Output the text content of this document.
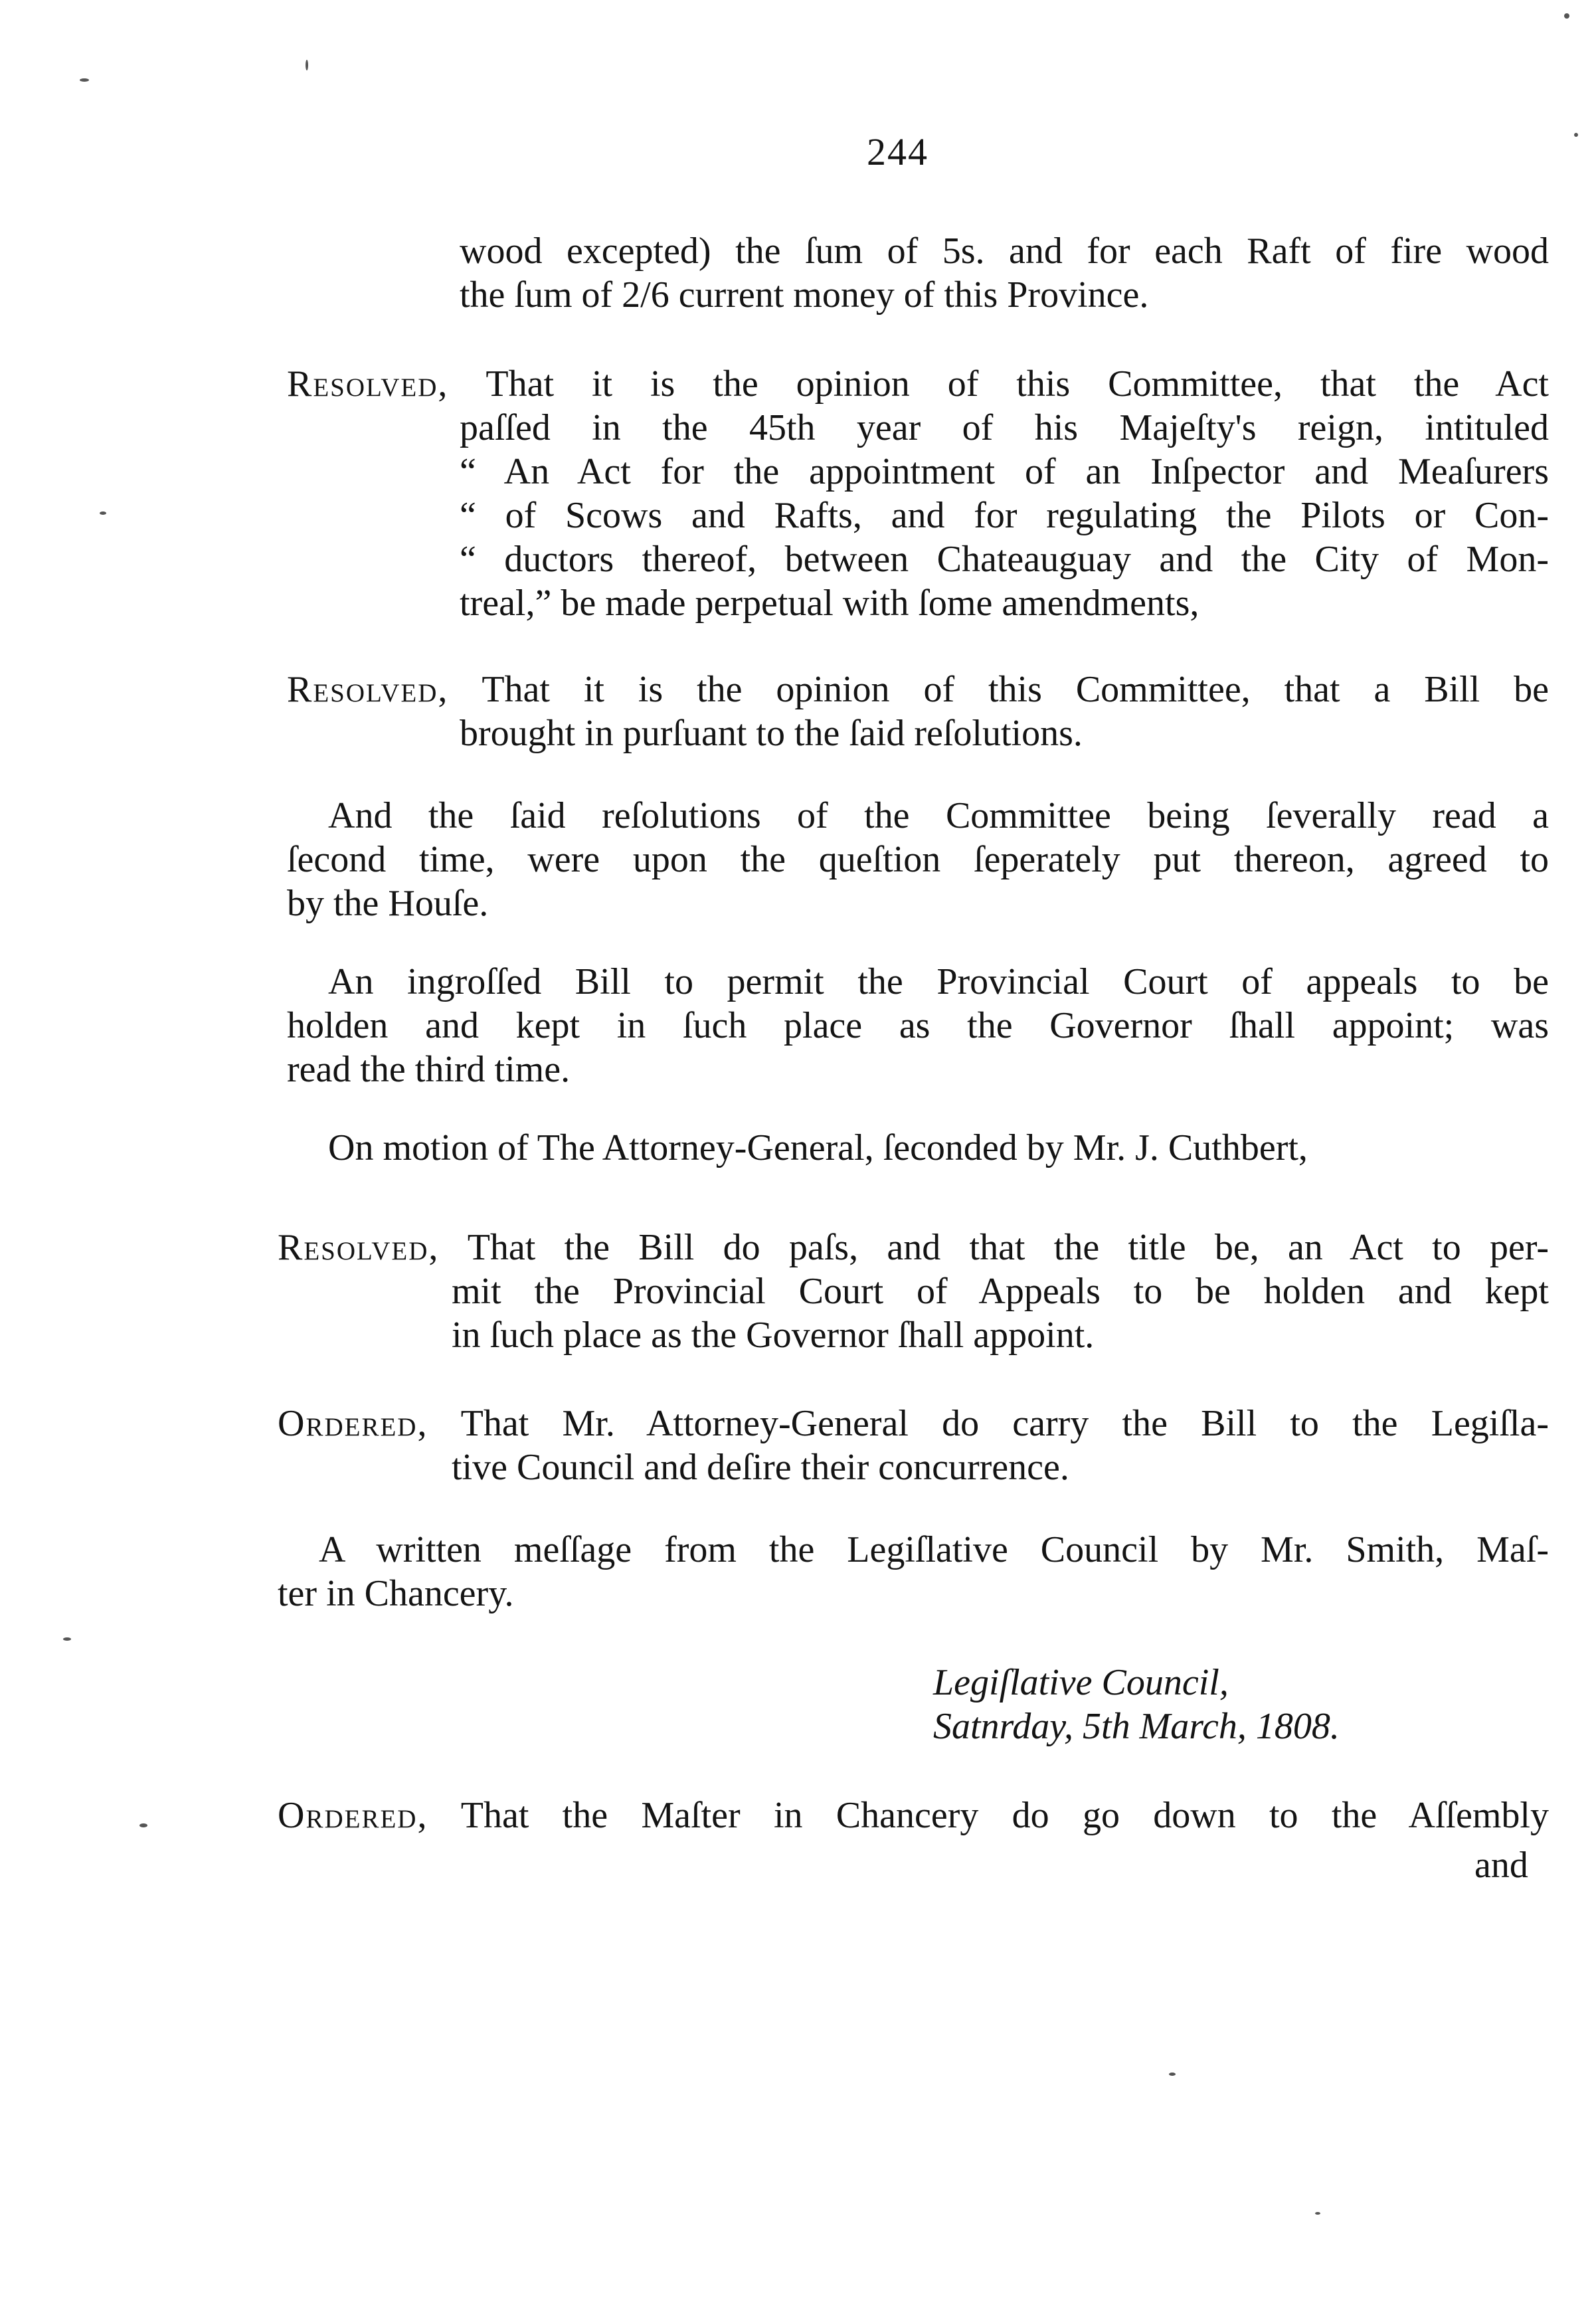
244
wood excepted) the ſum of 5s. and for each Raft of fire wood
the ſum of 2/6 current money of this Province.
Resolved, That it is the opinion of this Committee, that the Act
paſſed in the 45th year of his Majeſty's reign, intituled
“ An Act for the appointment of an Inſpector and Meaſurers
“ of Scows and Rafts, and for regulating the Pilots or Con-
“ ductors thereof, between Chateauguay and the City of Mon-
treal,” be made perpetual with ſome amendments,
Resolved, That it is the opinion of this Committee, that a Bill be
brought in purſuant to the ſaid reſolutions.
And the ſaid reſolutions of the Committee being ſeverally read a
ſecond time, were upon the queſtion ſeperately put thereon, agreed to
by the Houſe.
An ingroſſed Bill to permit the Provincial Court of appeals to be
holden and kept in ſuch place as the Governor ſhall appoint; was
read the third time.
On motion of The Attorney-General, ſeconded by Mr. J. Cuthbert,
Resolved, That the Bill do paſs, and that the title be, an Act to per-
mit the Provincial Court of Appeals to be holden and kept
in ſuch place as the Governor ſhall appoint.
Ordered, That Mr. Attorney-General do carry the Bill to the Legiſla-
tive Council and deſire their concurrence.
A written meſſage from the Legiſlative Council by Mr. Smith, Maſ-
ter in Chancery.
Legiſlative Council,
Satnrday, 5th March, 1808.
Ordered, That the Maſter in Chancery do go down to the Aſſembly
and
